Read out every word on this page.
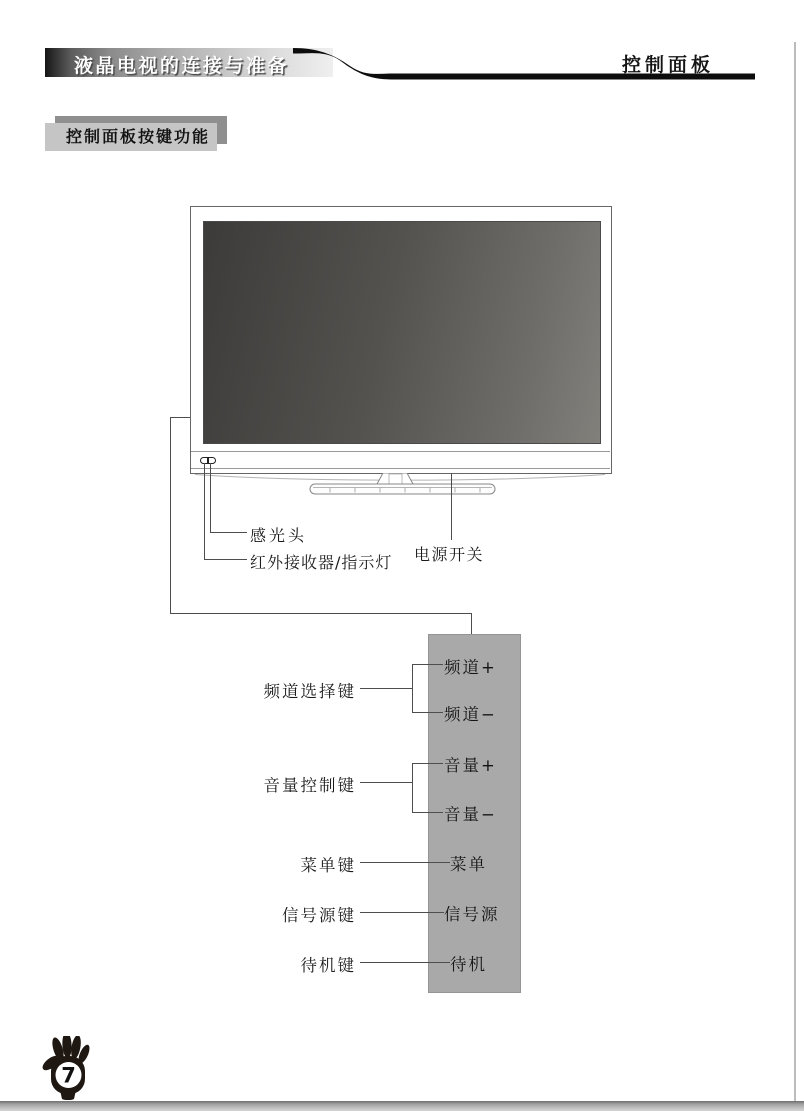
液晶电视的连接与准备	控制面板
控制面板按键功能
感光头
红外接收器/指示灯 电源开关
频道+
频道−
音量+
音量−
菜单
信号源
待机
频道选择键
音量控制键
菜单键
信号源键
待机键
7
